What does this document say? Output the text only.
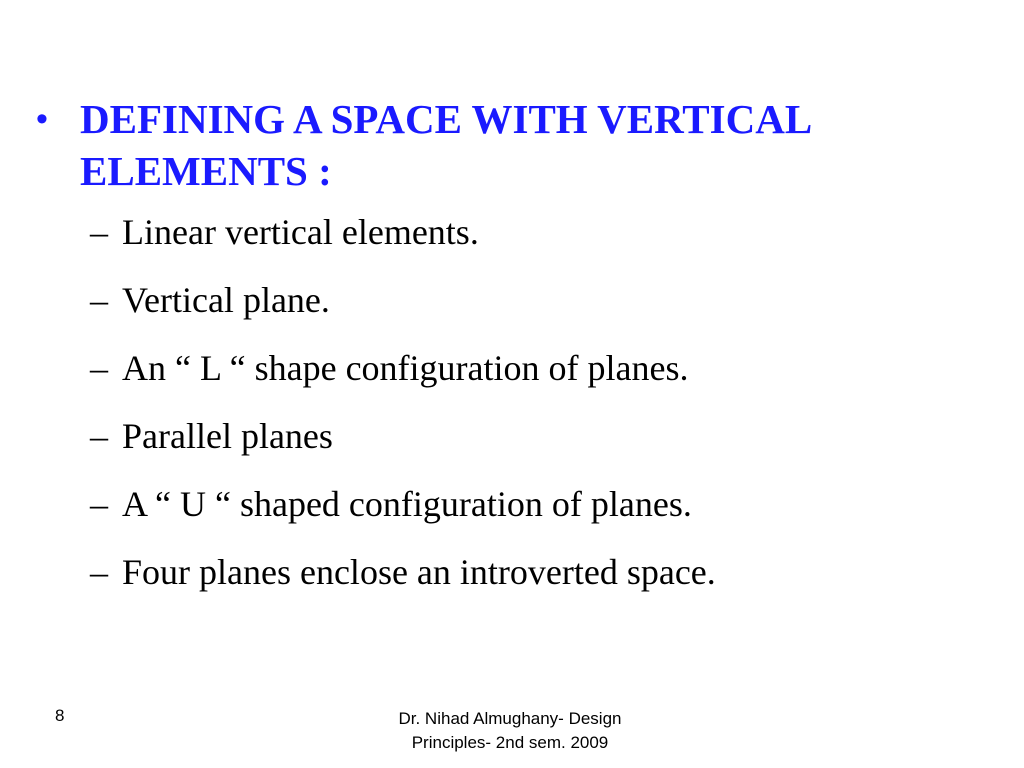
• DEFINING A SPACE WITH VERTICAL ELEMENTS :
– Linear vertical elements.
– Vertical plane.
– An “ L “ shape configuration of planes.
– Parallel planes
– A “ U “ shaped configuration of planes.
– Four planes enclose an introverted space.
8	Dr. Nihad Almughany- Design
Principles- 2nd sem. 2009
